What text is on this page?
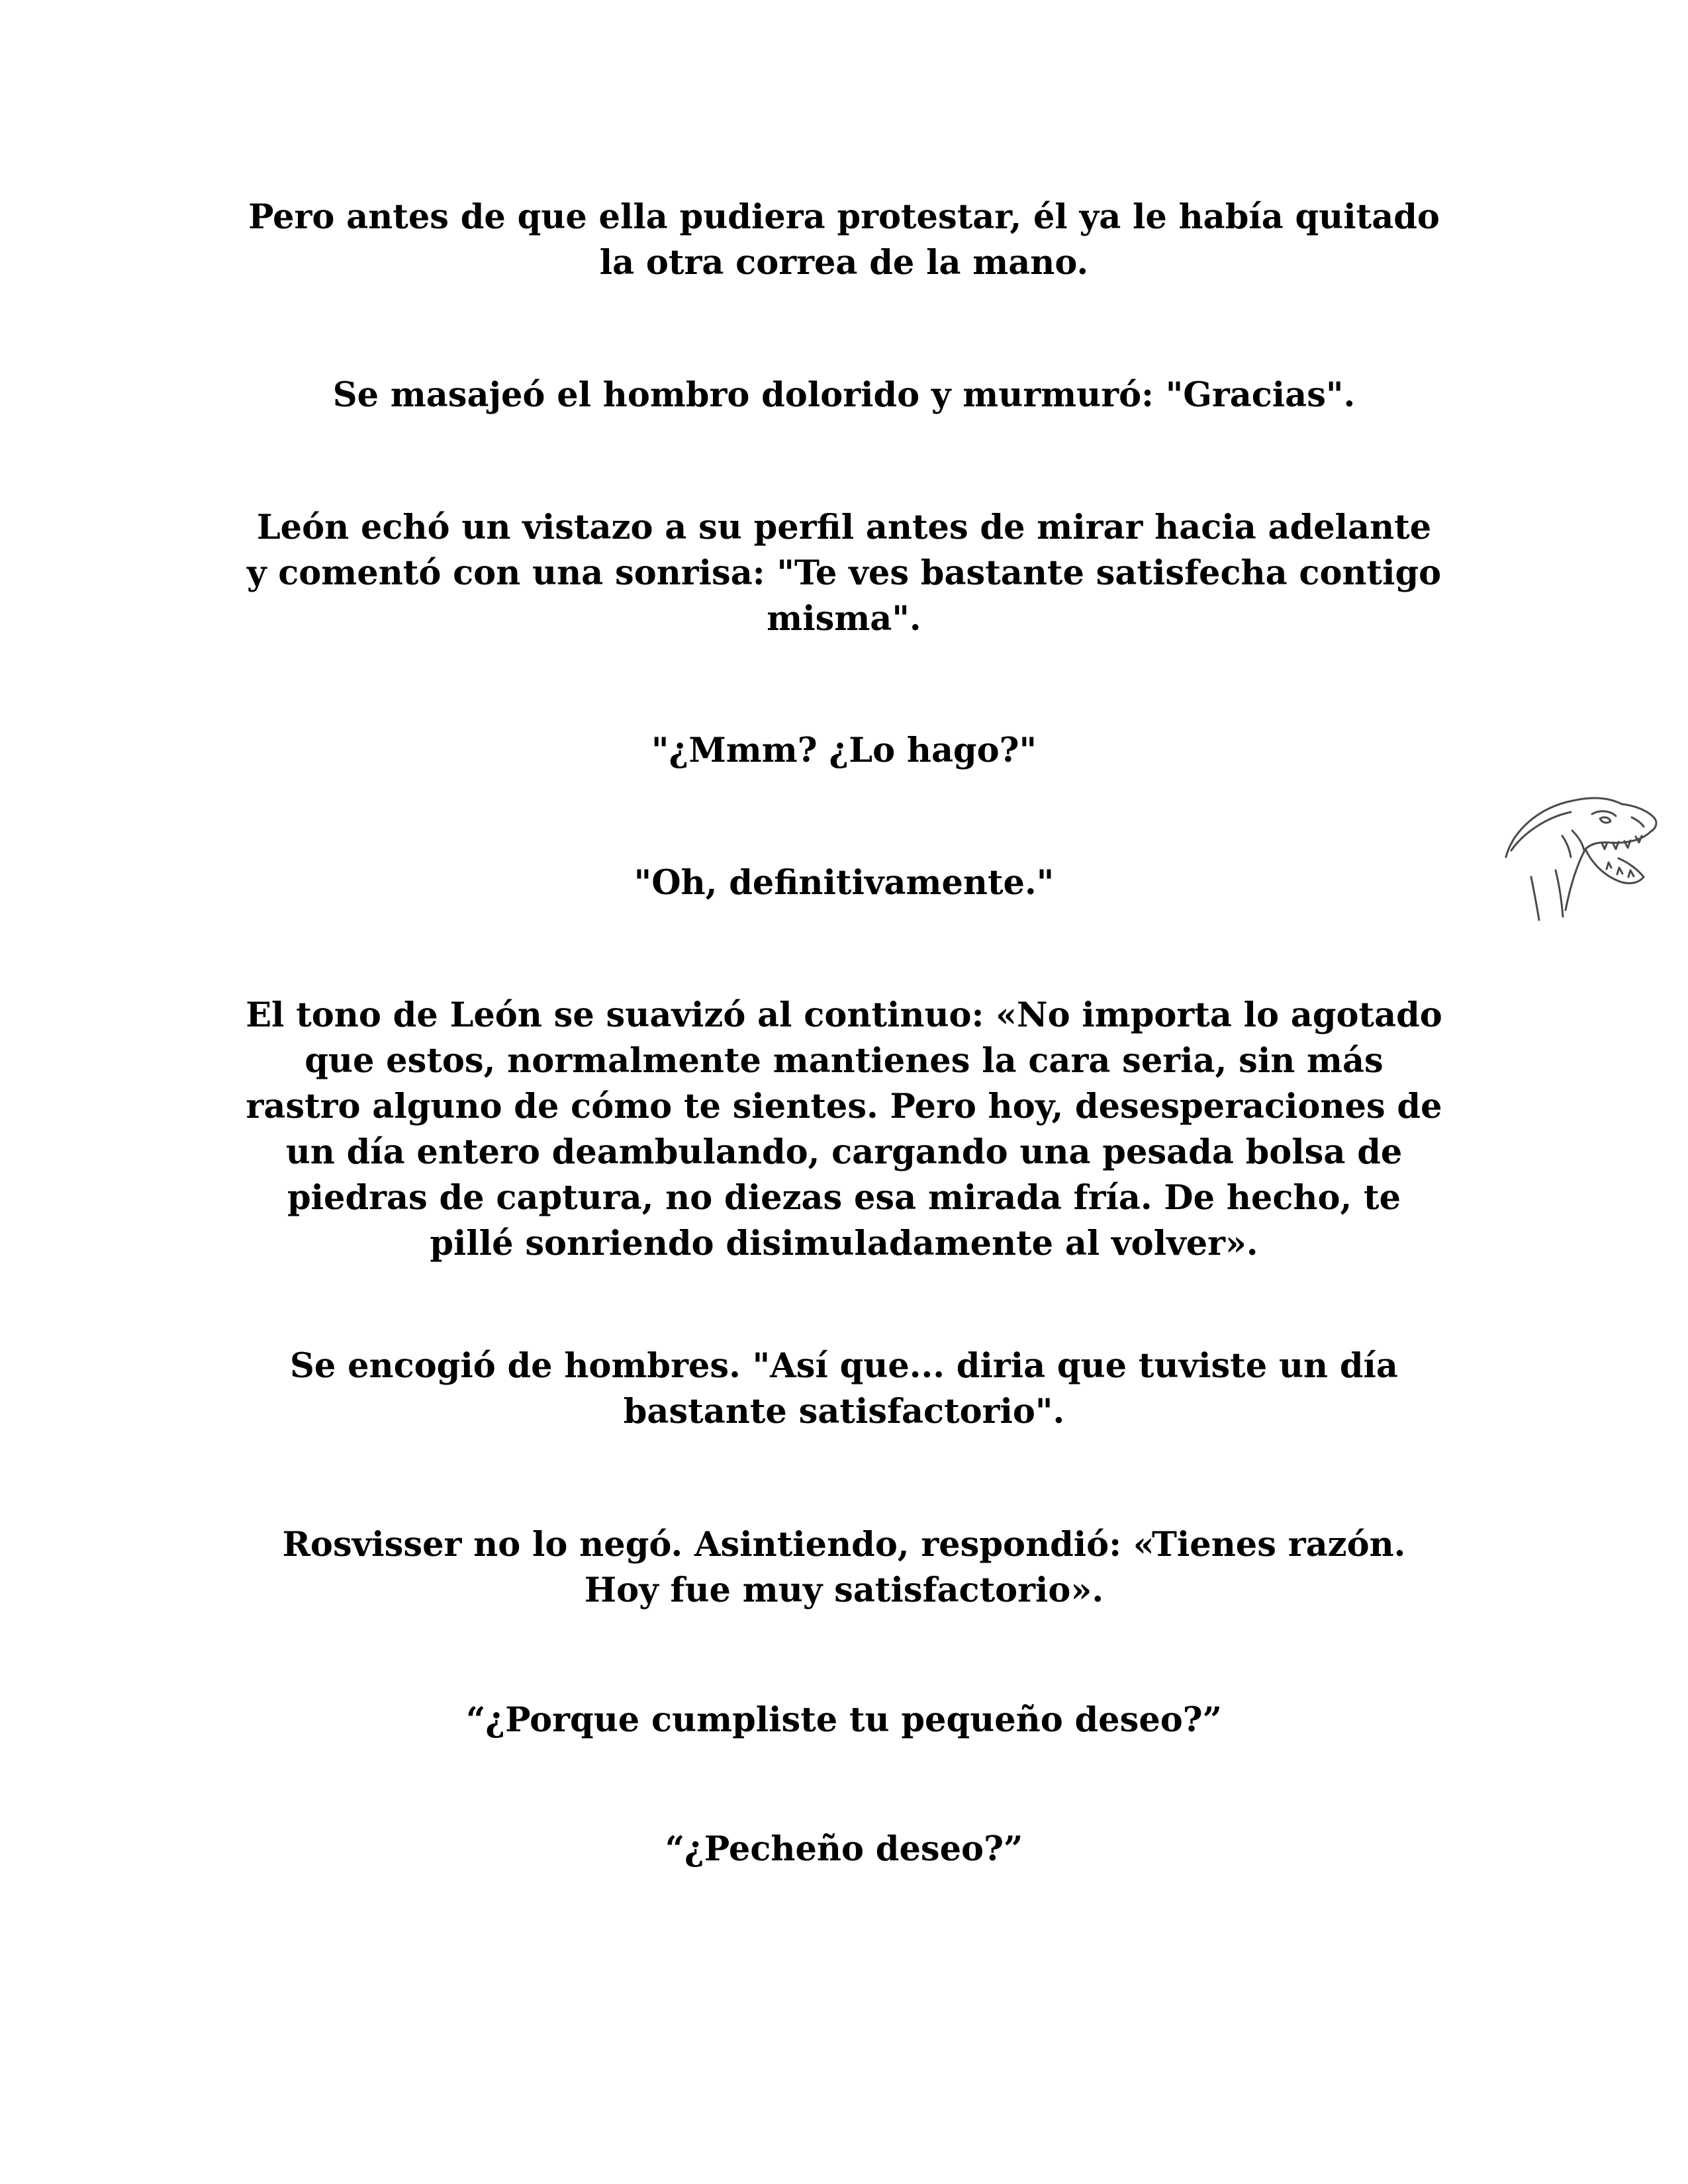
Pero antes de que ella pudiera protestar, él ya le había quitado
la otra correa de la mano.

Se masajeó el hombro dolorido y murmuró: "Gracias".

León echó un vistazo a su perfil antes de mirar hacia adelante
y comentó con una sonrisa: "Te ves bastante satisfecha contigo
misma".

"¿Mmm? ¿Lo hago?"

"Oh, definitivamente."

El tono de León se suavizó al continuo: «No importa lo agotado
que estos, normalmente mantienes la cara seria, sin más
rastro alguno de cómo te sientes. Pero hoy, desesperaciones de
un día entero deambulando, cargando una pesada bolsa de
piedras de captura, no diezas esa mirada fría. De hecho, te
pillé sonriendo disimuladamente al volver».

Se encogió de hombres. "Así que... diria que tuviste un día
bastante satisfactorio".

Rosvisser no lo negó. Asintiendo, respondió: «Tienes razón.
Hoy fue muy satisfactorio».

“¿Porque cumpliste tu pequeño deseo?”

“¿Pecheño deseo?”
